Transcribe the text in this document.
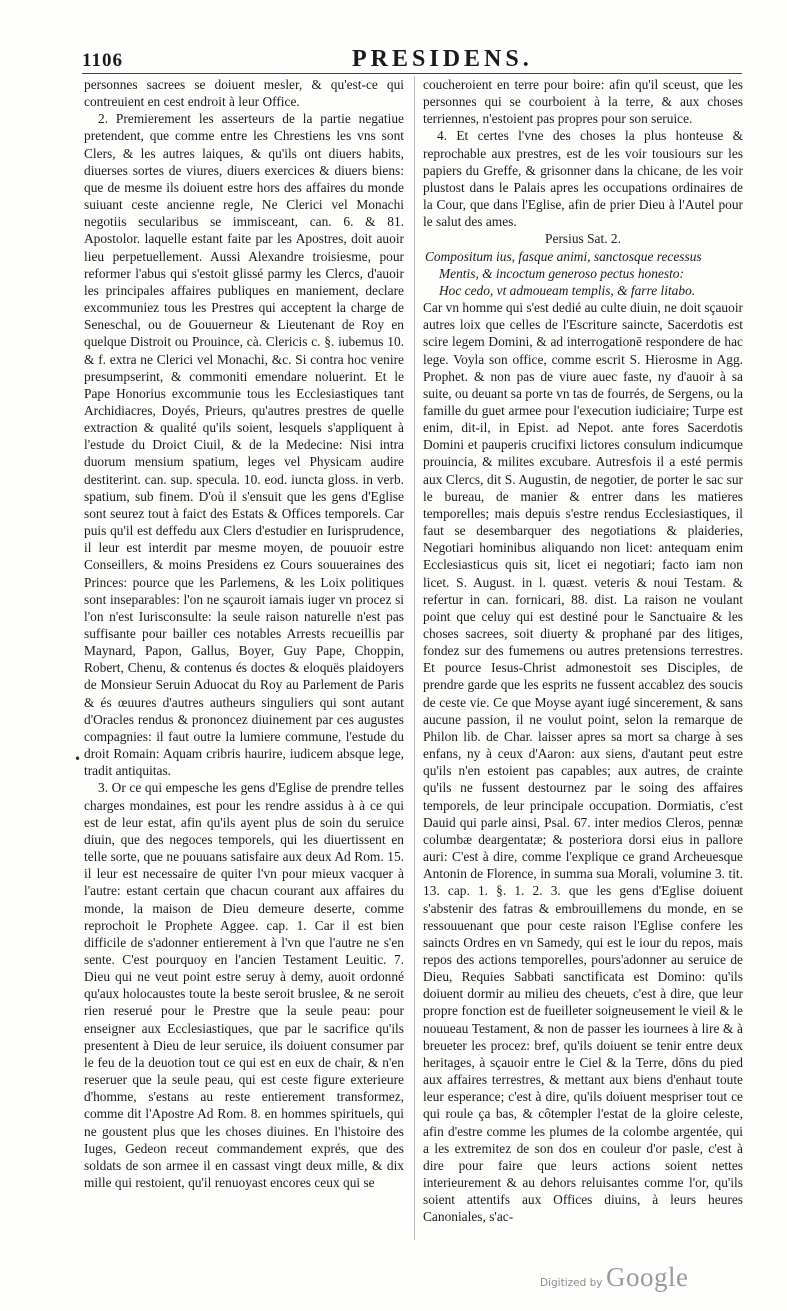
1106	PRESIDENS.
•

personnes sacrees se doiuent mesler, & qu'est-ce qui contreuient en cest endroit à leur Office.

2. Premierement les asserteurs de la partie negatiue pretendent, que comme entre les Chrestiens les vns sont Clers, & les autres laiques, & qu'ils ont diuers habits, diuerses sortes de viures, diuers exercices & diuers biens: que de mesme ils doiuent estre hors des affaires du monde suiuant ceste ancienne regle, Ne Clerici vel Monachi negotiis secularibus se immisceant, can. 6. & 81. Apostolor. laquelle estant faite par les Apostres, doit auoir lieu perpetuellement. Aussi Alexandre troisiesme, pour reformer l'abus qui s'estoit glissé parmy les Clercs, d'auoir les principales affaires publiques en maniement, declare excommuniez tous les Prestres qui acceptent la charge de Seneschal, ou de Gouuerneur & Lieutenant de Roy en quelque Distroit ou Prouince, cà. Clericis c. §. iubemus 10. & f. extra ne Clerici vel Monachi, &c. Si contra hoc venire presumpserint, & commoniti emendare noluerint. Et le Pape Honorius excommunie tous les Ecclesiastiques tant Archidiacres, Doyés, Prieurs, qu'autres prestres de quelle extraction & qualité qu'ils soient, lesquels s'appliquent à l'estude du Droict Ciuil, & de la Medecine: Nisi intra duorum mensium spatium, leges vel Physicam audire destiterint. can. sup. specula. 10. eod. iuncta gloss. in verb. spatium, sub finem. D'où il s'ensuit que les gens d'Eglise sont seurez tout à faict des Estats & Offices temporels. Car puis qu'il est deffedu aux Clers d'estudier en Iurisprudence, il leur est interdit par mesme moyen, de pouuoir estre Conseillers, & moins Presidens ez Cours souueraines des Princes: pource que les Parlemens, & les Loix politiques sont inseparables: l'on ne sçauroit iamais iuger vn procez si l'on n'est Iurisconsulte: la seule raison naturelle n'est pas suffisante pour bailler ces notables Arrests recueillis par Maynard, Papon, Gallus, Boyer, Guy Pape, Choppin, Robert, Chenu, & contenus és doctes & eloquës plaidoyers de Monsieur Seruin Aduocat du Roy au Parlement de Paris & és œuures d'autres autheurs singuliers qui sont autant d'Oracles rendus & prononcez diuinement par ces augustes compagnies: il faut outre la lumiere commune, l'estude du droit Romain: Aquam cribris haurire, iudicem absque lege, tradit antiquitas.

3. Or ce qui empesche les gens d'Eglise de prendre telles charges mondaines, est pour les rendre assidus à à ce qui est de leur estat, afin qu'ils ayent plus de soin du seruice diuin, que des negoces temporels, qui les diuertissent en telle sorte, que ne pouuans satisfaire aux deux Ad Rom. 15. il leur est necessaire de quiter l'vn pour mieux vacquer à l'autre: estant certain que chacun courant aux affaires du monde, la maison de Dieu demeure deserte, comme reprochoit le Prophete Aggee. cap. 1. Car il est bien difficile de s'adonner entierement à l'vn que l'autre ne s'en sente. C'est pourquoy en l'ancien Testament Leuitic. 7. Dieu qui ne veut point estre seruy à demy, auoit ordonné qu'aux holocaustes toute la beste seroit bruslee, & ne seroit rien reserué pour le Prestre que la seule peau: pour enseigner aux Ecclesiastiques, que par le sacrifice qu'ils presentent à Dieu de leur seruice, ils doiuent consumer par le feu de la deuotion tout ce qui est en eux de chair, & n'en reseruer que la seule peau, qui est ceste figure exterieure d'homme, s'estans au reste entierement transformez, comme dit l'Apostre Ad Rom. 8. en hommes spirituels, qui ne goustent plus que les choses diuines. En l'histoire des Iuges, Gedeon receut commandement exprés, que des soldats de son armee il en cassast vingt deux mille, & dix mille qui restoient, qu'il renuoyast encores ceux qui se

coucheroient en terre pour boire: afin qu'il sceust, que les personnes qui se courboient à la terre, & aux choses terriennes, n'estoient pas propres pour son seruice.

4. Et certes l'vne des choses la plus honteuse & reprochable aux prestres, est de les voir tousiours sur les papiers du Greffe, & grisonner dans la chicane, de les voir plustost dans le Palais apres les occupations ordinaires de la Cour, que dans l'Eglise, afin de prier Dieu à l'Autel pour le salut des ames.

Persius Sat. 2.

Compositum ius, fasque animi, sanctosque recessus

Mentis, & incoctum generoso pectus honesto:

Hoc cedo, vt admoueam templis, & farre litabo.

Car vn homme qui s'est dedié au culte diuin, ne doit sçauoir autres loix que celles de l'Escriture saincte, Sacerdotis est scire legem Domini, & ad interrogationē respondere de hac lege. Voyla son office, comme escrit S. Hierosme in Agg. Prophet. & non pas de viure auec faste, ny d'auoir à sa suite, ou deuant sa porte vn tas de fourrés, de Sergens, ou la famille du guet armee pour l'execution iudiciaire; Turpe est enim, dit-il, in Epist. ad Nepot. ante fores Sacerdotis Domini et pauperis crucifixi lictores consulum indicumque prouincia, & milites excubare. Autresfois il a esté permis aux Clercs, dit S. Augustin, de negotier, de porter le sac sur le bureau, de manier & entrer dans les matieres temporelles; mais depuis s'estre rendus Ecclesiastiques, il faut se desembarquer des negotiations & plaideries, Negotiari hominibus aliquando non licet: antequam enim Ecclesiasticus quis sit, licet ei negotiari; facto iam non licet. S. August. in l. quæst. veteris & noui Testam. & refertur in can. fornicari, 88. dist. La raison ne voulant point que celuy qui est destiné pour le Sanctuaire & les choses sacrees, soit diuerty & prophané par des litiges, fondez sur des fumemens ou autres pretensions terrestres. Et pource Iesus-Christ admonestoit ses Disciples, de prendre garde que les esprits ne fussent accablez des soucis de ceste vie. Ce que Moyse ayant iugé sincerement, & sans aucune passion, il ne voulut point, selon la remarque de Philon lib. de Char. laisser apres sa mort sa charge à ses enfans, ny à ceux d'Aaron: aux siens, d'autant peut estre qu'ils n'en estoient pas capables; aux autres, de crainte qu'ils ne fussent destournez par le soing des affaires temporels, de leur principale occupation. Dormiatis, c'est Dauid qui parle ainsi, Psal. 67. inter medios Cleros, pennæ columbæ deargentatæ; & posteriora dorsi eius in pallore auri: C'est à dire, comme l'explique ce grand Archeuesque Antonin de Florence, in summa sua Morali, volumine 3. tit. 13. cap. 1. §. 1. 2. 3. que les gens d'Eglise doiuent s'abstenir des fatras & embrouillemens du monde, en se ressouuenant que pour ceste raison l'Eglise confere les saincts Ordres en vn Samedy, qui est le iour du repos, mais repos des actions temporelles, pours'adonner au seruice de Dieu, Requies Sabbati sanctificata est Domino: qu'ils doiuent dormir au milieu des cheuets, c'est à dire, que leur propre fonction est de fueilleter soigneusement le vieil & le nouueau Testament, & non de passer les iournees à lire & à breueter les procez: bref, qu'ils doiuent se tenir entre deux heritages, à sçauoir entre le Ciel & la Terre, dōns du pied aux affaires terrestres, & mettant aux biens d'enhaut toute leur esperance; c'est à dire, qu'ils doiuent mespriser tout ce qui roule ça bas, & côtempler l'estat de la gloire celeste, afin d'estre comme les plumes de la colombe argentée, qui a les extremitez de son dos en couleur d'or pasle, c'est à dire pour faire que leurs actions soient nettes interieurement & au dehors reluisantes comme l'or, qu'ils soient attentifs aux Offices diuins, à leurs heures Canoniales, s'ac-

Digitized by Google
